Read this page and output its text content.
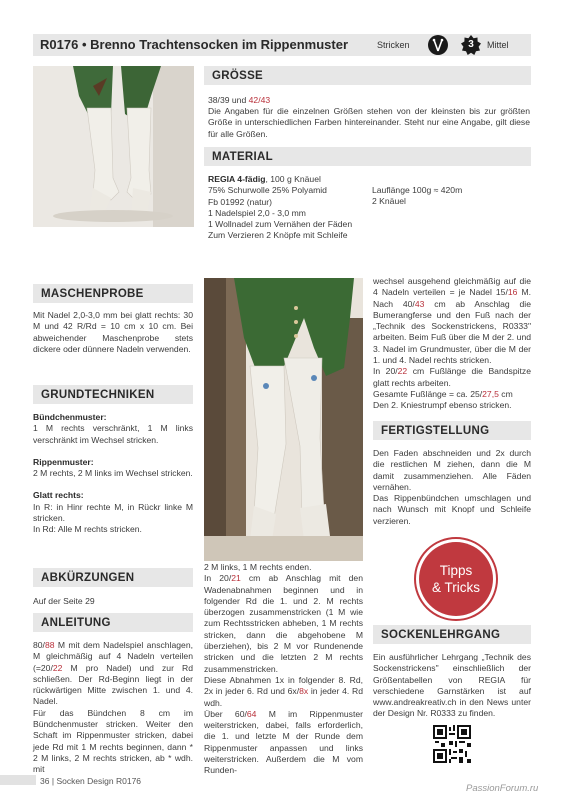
R0176 • Brenno Trachtensocken im Rippenmuster	Stricken	3	Mittel
GRÖSSE
38/39 und 42/43
Die Angaben für die einzelnen Größen stehen von der kleinsten bis zur größten Größe in unterschiedlichen Farben hintereinander. Steht nur eine Angabe, gilt diese für alle Größen.
MATERIAL

REGIA 4-fädig, 100 g Knäuel

75% Schurwolle 25% Polyamid

Fb 01992 (natur)

1 Nadelspiel 2,0 - 3,0 mm

1 Wollnadel zum Vernähen der Fäden

Zum Verzieren 2 Knöpfe mit Schleife

Lauflänge 100g ≈ 420m

2 Knäuel

MASCHENPROBE
Mit Nadel 2,0-3,0 mm bei glatt rechts: 30 M und 42 R/Rd = 10 cm x 10 cm. Bei abweichender Maschenprobe stets dickere oder dünnere Nadeln verwenden.
GRUNDTECHNIKEN

Bündchenmuster:

1 M rechts verschränkt, 1 M links verschränkt im Wechsel stricken.

Rippenmuster:

2 M rechts, 2 M links im Wechsel stricken.

Glatt rechts:

In R: in Hinr rechte M, in Rückr linke M stricken.

In Rd: Alle M rechts stricken.

ABKÜRZUNGEN
Auf der Seite 29
ANLEITUNG

80/88 M mit dem Nadelspiel anschlagen, M gleichmäßig auf 4 Nadeln verteilen (=20/22 M pro Nadel) und zur Rd schließen. Der Rd-Beginn liegt in der rückwärtigen Mitte zwischen 1. und 4. Nadel.

Für das Bündchen 8 cm im Bündchenmuster stricken. Weiter den Schaft im Rippenmuster stricken, dabei jede Rd mit 1 M rechts beginnen, dann * 2 M links, 2 M rechts stricken, ab * wdh. mit

2 M links, 1 M rechts enden.

In 20/21 cm ab Anschlag mit den Wadenabnahmen beginnen und in folgender Rd die 1. und 2. M rechts überzogen zusammenstricken (1 M wie zum Rechtsstricken abheben, 1 M rechts stricken, dann die abgehobene M überziehen), bis 2 M vor Rundenende stricken und die letzten 2 M rechts zusammenstricken.

Diese Abnahmen 1x in folgender 8. Rd, 2x in jeder 6. Rd und 6x/8x in jeder 4. Rd wdh.

Über 60/64 M im Rippenmuster weiterstricken, dabei, falls erforderlich, die 1. und letzte M der Runde dem Rippenmuster anpassen und links weiterstricken. Außerdem die M vom Runden-

wechsel ausgehend gleichmäßig auf die 4 Nadeln verteilen = je Nadel 15/16 M. Nach 40/43 cm ab Anschlag die Bumerangferse und den Fuß nach der „Technik des Sockenstrickens, R0333" arbeiten. Beim Fuß über die M der 2. und 3. Nadel im Grundmuster, über die M der 1. und 4. Nadel rechts stricken.

In 20/22 cm Fußlänge die Bandspitze glatt rechts arbeiten.

Gesamte Fußlänge = ca. 25/27,5 cm

Den 2. Kniestrumpf ebenso stricken.

FERTIGSTELLUNG

Den Faden abschneiden und 2x durch die restlichen M ziehen, dann die M damit zusammenziehen. Alle Fäden vernähen.

Das Rippenbündchen umschlagen und nach Wunsch mit Knopf und Schleife verzieren.

Tipps
& Tricks
SOCKENLEHRGANG
Ein ausführlicher Lehrgang „Technik des Sockenstrickens" einschließlich der Größentabellen von REGIA für verschiedene Garnstärken ist auf www.andreakreativ.ch in den News unter der Design Nr. R0333 zu finden.
36 | Socken Design R0176
PassionForum.ru
